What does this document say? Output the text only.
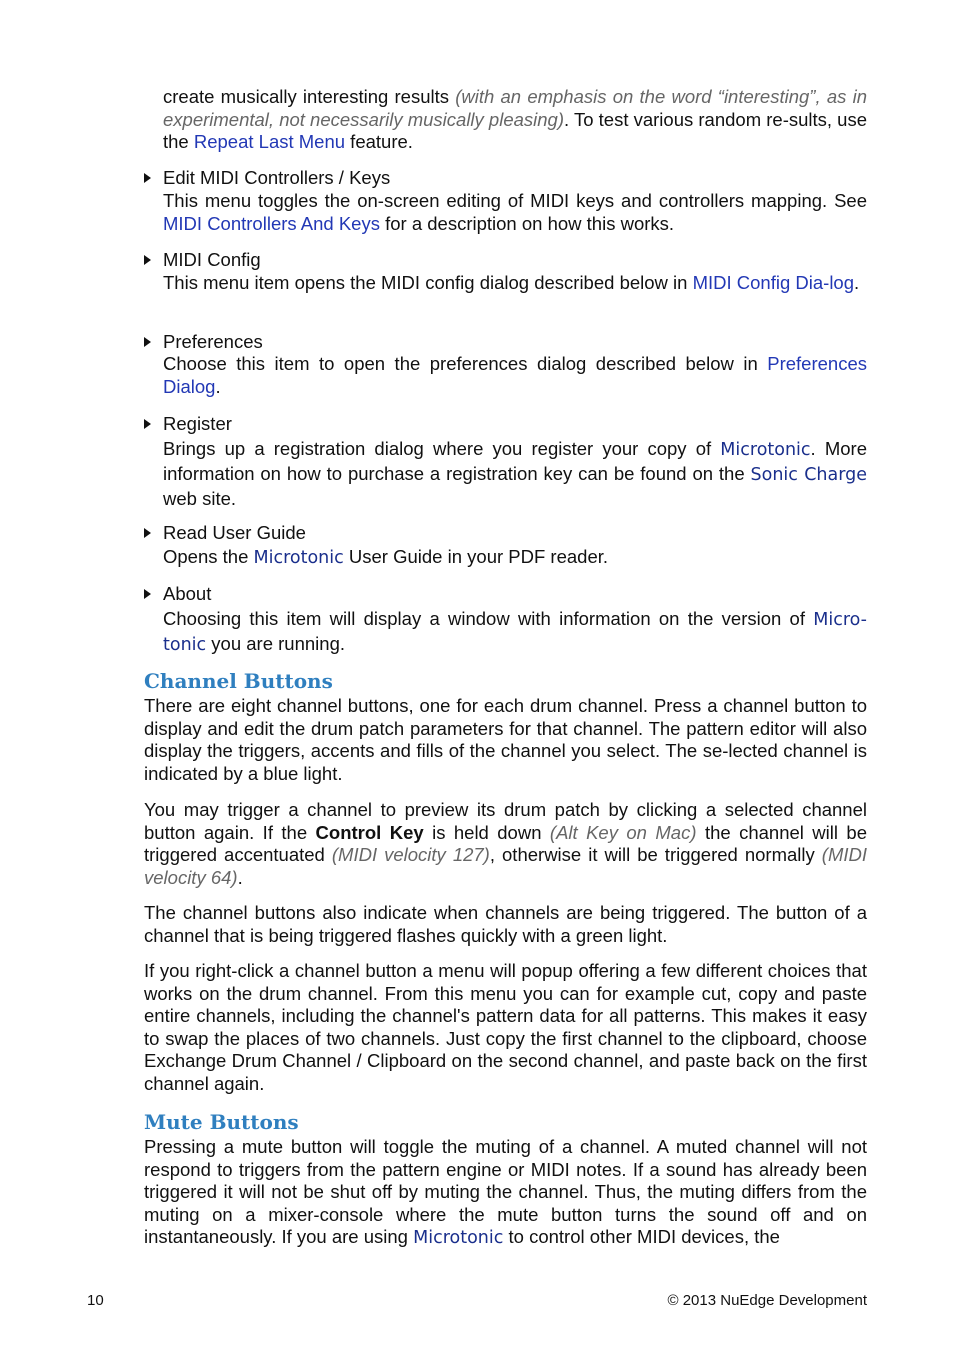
create musically interesting results (with an emphasis on the word “interesting”, as in experimental, not necessarily musically pleasing). To test various random re-sults, use the Repeat Last Menu feature.

Edit MIDI Controllers / Keys

This menu toggles the on-screen editing of MIDI keys and controllers mapping. See MIDI Controllers And Keys for a description on how this works.

MIDI Config

This menu item opens the MIDI config dialog described below in MIDI Config Dia-log.

Preferences

Choose this item to open the preferences dialog described below in Preferences Dialog.

Register

Brings up a registration dialog where you register your copy of Microtonic. More information on how to purchase a registration key can be found on the Sonic Charge web site.

Read User Guide

Opens the Microtonic User Guide in your PDF reader.

About

Choosing this item will display a window with information on the version of Micro-tonic you are running.

Channel Buttons

There are eight channel buttons, one for each drum channel. Press a channel button to display and edit the drum patch parameters for that channel. The pattern editor will also display the triggers, accents and fills of the channel you select. The se-lected channel is indicated by a blue light.

You may trigger a channel to preview its drum patch by clicking a selected channel button again. If the Control Key is held down (Alt Key on Mac) the channel will be triggered accentuated (MIDI velocity 127), otherwise it will be triggered normally (MIDI velocity 64).

The channel buttons also indicate when channels are being triggered. The button of a channel that is being triggered flashes quickly with a green light.

If you right-click a channel button a menu will popup offering a few different choices that works on the drum channel. From this menu you can for example cut, copy and paste entire channels, including the channel's pattern data for all patterns. This makes it easy to swap the places of two channels. Just copy the first channel to the clipboard, choose Exchange Drum Channel / Clipboard on the second channel, and paste back on the first channel again.

Mute Buttons

Pressing a mute button will toggle the muting of a channel. A muted channel will not respond to triggers from the pattern engine or MIDI notes. If a sound has already been triggered it will not be shut off by muting the channel. Thus, the muting differs from the muting on a mixer-console where the mute button turns the sound off and on instantaneously. If you are using Microtonic to control other MIDI devices, the

10	© 2013 NuEdge Development
